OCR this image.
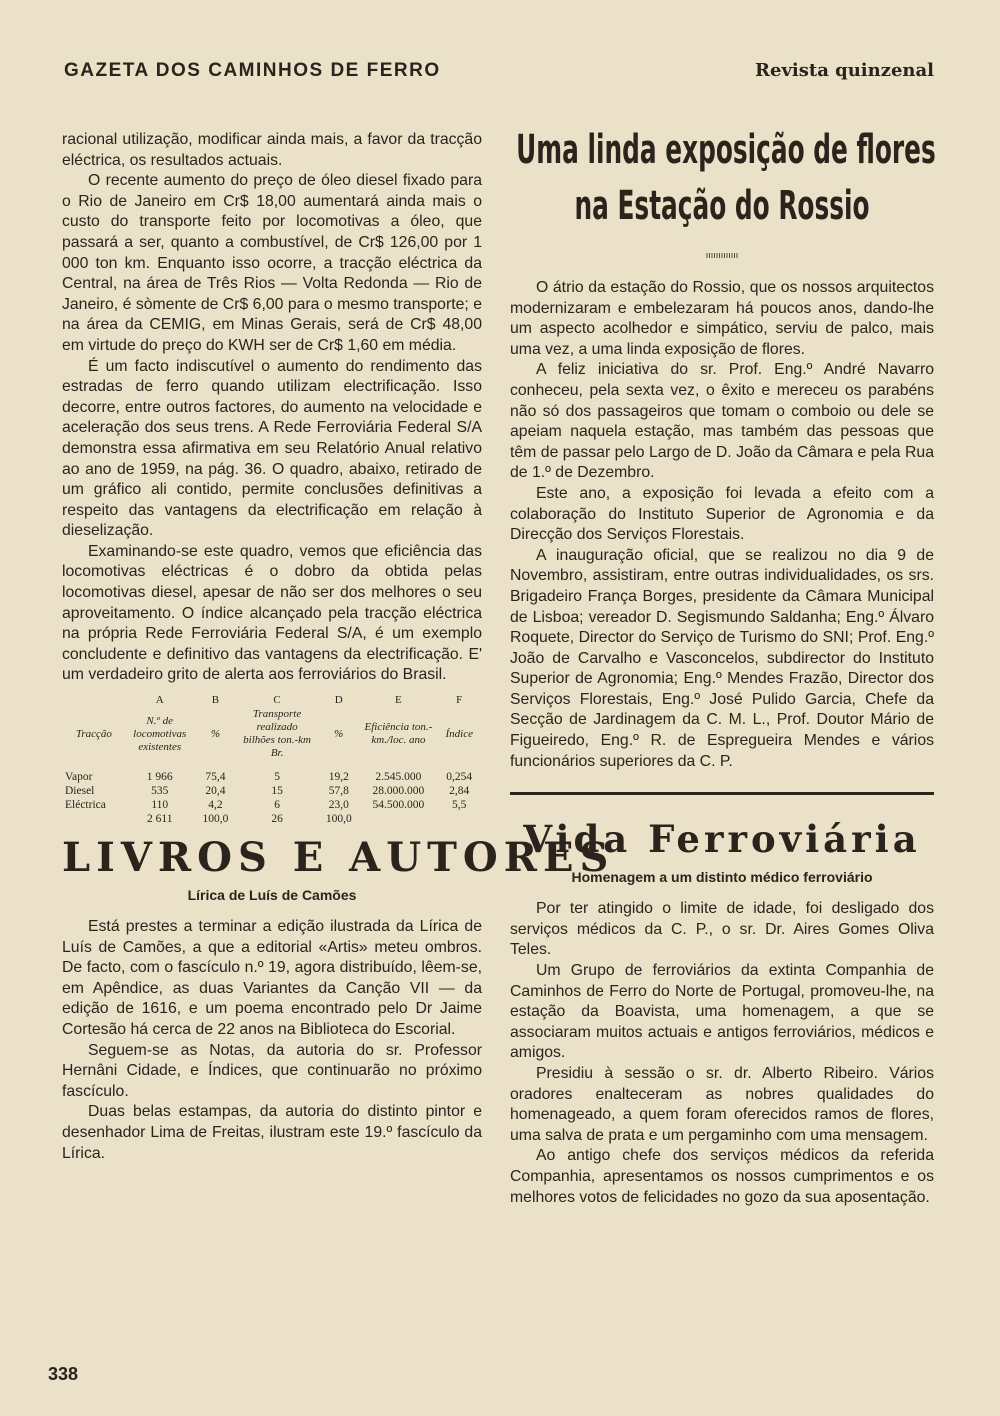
GAZETA DOS CAMINHOS DE FERRO	Revista quinzenal

racional utilização, modificar ainda mais, a favor da tracção eléctrica, os resultados actuais.

O recente aumento do preço de óleo diesel fixado para o Rio de Janeiro em Cr$ 18,00 aumentará ainda mais o custo do transporte feito por locomotivas a óleo, que passará a ser, quanto a combustível, de Cr$ 126,00 por 1 000 ton km. Enquanto isso ocorre, a tracção eléctrica da Central, na área de Três Rios — Volta Redonda — Rio de Janeiro, é sòmente de Cr$ 6,00 para o mesmo transporte; e na área da CEMIG, em Minas Gerais, será de Cr$ 48,00 em virtude do preço do KWH ser de Cr$ 1,60 em média.

É um facto indiscutível o aumento do rendimento das estradas de ferro quando utilizam electrificação. Isso decorre, entre outros factores, do aumento na velocidade e aceleração dos seus trens. A Rede Ferroviária Federal S/A demonstra essa afirmativa em seu Relatório Anual relativo ao ano de 1959, na pág. 36. O quadro, abaixo, retirado de um gráfico ali contido, permite conclusões definitivas a respeito das vantagens da electrificação em relação à dieselização.

Examinando-se este quadro, vemos que eficiência das locomotivas eléctricas é o dobro da obtida pelas locomotivas diesel, apesar de não ser dos melhores o seu aproveitamento. O índice alcançado pela tracção eléctrica na própria Rede Ferroviária Federal S/A, é um exemplo concludente e definitivo das vantagens da electrificação. E' um verdadeiro grito de alerta aos ferroviários do Brasil.

	A	B	C	D	E	F
Tracção	N.º de locomotivas existentes	%	Transporte realizado bilhões ton.-km Br.	%	Eficiência ton.-km./loc. ano	Índice

Vapor	1 966	75,4	5	19,2	2.545.000	0,254
Diesel	535	20,4	15	57,8	28.000.000	2,84
Eléctrica	110	4,2	6	23,0	54.500.000	5,5
	2 611	100,0	26	100,0		
LIVROS E AUTORES
Lírica de Luís de Camões

Está prestes a terminar a edição ilustrada da Lírica de Luís de Camões, a que a editorial «Artis» meteu ombros. De facto, com o fascículo n.º 19, agora distribuído, lêem-se, em Apêndice, as duas Variantes da Canção VII — da edição de 1616, e um poema encontrado pelo Dr Jaime Cortesão há cerca de 22 anos na Biblioteca do Escorial.

Seguem-se as Notas, da autoria do sr. Professor Hernâni Cidade, e Índices, que continuarão no próximo fascículo.

Duas belas estampas, da autoria do distinto pintor e desenhador Lima de Freitas, ilustram este 19.º fascículo da Lírica.

Uma linda exposição de flores
na Estação do Rossio
ııııııııııııı

O átrio da estação do Rossio, que os nossos arquitectos modernizaram e embelezaram há poucos anos, dando-lhe um aspecto acolhedor e simpático, serviu de palco, mais uma vez, a uma linda exposição de flores.

A feliz iniciativa do sr. Prof. Eng.º André Navarro conheceu, pela sexta vez, o êxito e mereceu os parabéns não só dos passageiros que tomam o comboio ou dele se apeiam naquela estação, mas também das pessoas que têm de passar pelo Largo de D. João da Câmara e pela Rua de 1.º de Dezembro.

Este ano, a exposição foi levada a efeito com a colaboração do Instituto Superior de Agronomia e da Direcção dos Serviços Florestais.

A inauguração oficial, que se realizou no dia 9 de Novembro, assistiram, entre outras individualidades, os srs. Brigadeiro França Borges, presidente da Câmara Municipal de Lisboa; vereador D. Segismundo Saldanha; Eng.º Álvaro Roquete, Director do Serviço de Turismo do SNI; Prof. Eng.º João de Carvalho e Vasconcelos, subdirector do Instituto Superior de Agronomia; Eng.º Mendes Frazão, Director dos Serviços Florestais, Eng.º José Pulido Garcia, Chefe da Secção de Jardinagem da C. M. L., Prof. Doutor Mário de Figueiredo, Eng.º R. de Espregueira Mendes e vários funcionários superiores da C. P.

Vida Ferroviária
Homenagem a um distinto médico ferroviário

Por ter atingido o limite de idade, foi desligado dos serviços médicos da C. P., o sr. Dr. Aires Gomes Oliva Teles.

Um Grupo de ferroviários da extinta Companhia de Caminhos de Ferro do Norte de Portugal, promoveu-lhe, na estação da Boavista, uma homenagem, a que se associaram muitos actuais e antigos ferroviários, médicos e amigos.

Presidiu à sessão o sr. dr. Alberto Ribeiro. Vários oradores enalteceram as nobres qualidades do homenageado, a quem foram oferecidos ramos de flores, uma salva de prata e um pergaminho com uma mensagem.

Ao antigo chefe dos serviços médicos da referida Companhia, apresentamos os nossos cumprimentos e os melhores votos de felicidades no gozo da sua aposentação.

338
